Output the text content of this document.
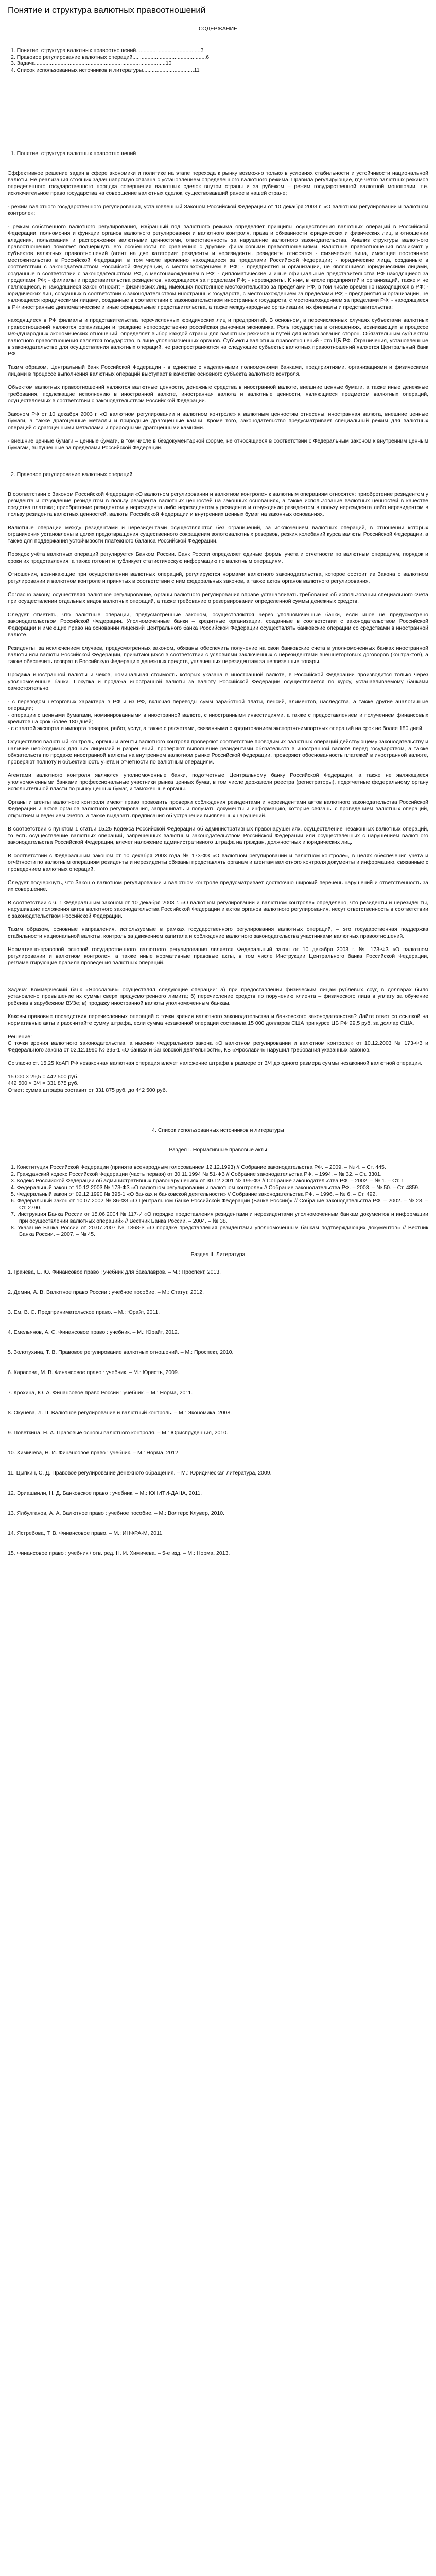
Понятие и структура валютных правоотношений
СОДЕРЖАНИЕ
1. Понятие, структура валютных правоотношений...........................................3
2. Правовое регулирование валютных операций.................................................6
3. Задача.......................................................................................10
4. Список использованных источников и литературы..................................11
1. Понятие, структура валютных правоотношений

Эффективное решение задач в сфере экономики и политике на этапе перехода к рынку возможно только в условиях стабильности и устойчивости национальной валюты. Не реализация стоящих задач напрямую связана с установлением определенного валютного режима. Правила регулирующие, где четко валютных режимов определенного государственного порядка совершения валютных сделок внутри страны и за рубежом – режим государственной валютной монополии, т.е. исключительное право государства на совершение валютных сделок, существовавший ранее в нашей стране;

- режим валютного государственного регулирования, установленный Законом Российской Федерации от 10 декабря 2003 г. «О валютном регулировании и валютном контроле»;

- режим собственного валютного регулирования, избранный под валютного режима определяет принципы осуществления валютных операций в Российской Федерации, полномочия и функции органов валютного регулирования и валютного контроля, права и обязанности юридических и физических лиц, в отношении владения, пользования и распоряжения валютными ценностями, ответственность за нарушение валютного законодательства. Анализ структуры валютного правоотношения помогает подчеркнуть его особенности по сравнению с другими финансовыми правоотношениями. Валютные правоотношения возникают у субъектов валютных правоотношений (агент на две категории: резиденты и нерезиденты. резиденты относятся - физические лица, имеющие постоянное местожительство в Российской Федерации, в том числе временно находящиеся за пределами Российской Федерации; - юридические лица, созданные в соответствии с законодательством Российской Федерации, с местонахождением в РФ; - предприятия и организации, не являющиеся юридическими лицами, созданные в соответствии с законодательством РФ, с местонахождением в РФ; - дипломатические и иные официальные представительства РФ находящиеся за пределами РФ; - филиалы и представительства резидентов, находящиеся за пределами РФ; - нерезиденты. К ним, в числе предприятий и организаций, также и не являющиеся, и находящиеся Закон относит: - физических лиц, имеющих постоянное местожительство за пределами РФ, в том числе временно находящихся в РФ; - юридических лиц, созданных в соответствии с законодательством иностранных государств, с местонахождением за пределами РФ; - предприятия и организации, не являющиеся юридическими лицами, созданные в соответствии с законодательством иностранных государств, с местонахождением за пределами РФ; - находящиеся в РФ иностранные дипломатические и иные официальные представительства, а также международные организации, их филиалы и представительства;

находящиеся в РФ филиалы и представительства перечисленных юридических лиц и предприятий. В основном, в перечисленных случаях субъектами валютных правоотношений являются организации и граждане непосредственно российская рыночная экономика. Роль государства в отношениях, возникающих в процессе международных экономических отношений, определяет выбор каждой страны для валютных режимов и путей для использования сторон. Обязательным субъектом валютного правоотношения является государство, в лице уполномоченных органов. Субъекты валютных правоотношений - это ЦБ РФ. Ограничения, установленные в законодательстве для осуществления валютных операций, не распространяются на следующие субъекты: валютных правоотношений является Центральный банк РФ.

Таким образом, Центральный банк Российской Федерации - в единстве с наделенными полномочиями банками, предприятиями, организациями и физическими лицами в процессе выполнения валютных операций выступает в качестве основного субъекта валютного контроля.

Объектом валютных правоотношений являются валютные ценности, денежные средства в иностранной валюте, внешние ценные бумаги, а также иные денежные требования, подлежащие исполнению в иностранной валюте, иностранная валюта и валютные ценности, являющиеся предметом валютных операций, осуществляемых в соответствии с законодательством Российской Федерации.

Законом РФ от 10 декабря 2003 г. «О валютном регулировании и валютном контроле» к валютным ценностям отнесены: иностранная валюта, внешние ценные бумаги, а также драгоценные металлы и природные драгоценные камни. Кроме того, законодательство предусматривает специальный режим для валютных операций с драгоценными металлами и природными драгоценными камнями.

- внешние ценные бумаги – ценные бумаги, в том числе в бездокументарной форме, не относящиеся в соответствии с Федеральным законом к внутренним ценным бумагам, выпущенные за пределами Российской Федерации.

2. Правовое регулирование валютных операций

В соответствии с Законом Российской Федерации «О валютном регулировании и валютном контроле» к валютным операциям относятся: приобретение резидентом у резидента и отчуждение резидентом в пользу резидента валютных ценностей на законных основаниях, а также использование валютных ценностей в качестве средства платежа; приобретение резидентом у нерезидента либо нерезидентом у резидента и отчуждение резидентом в пользу нерезидента либо нерезидентом в пользу резидента валютных ценностей, валюты Российской Федерации и внутренних ценных бумаг на законных основаниях.

Валютные операции между резидентами и нерезидентами осуществляются без ограничений, за исключением валютных операций, в отношении которых ограничения установлены в целях предотвращения существенного сокращения золотовалютных резервов, резких колебаний курса валюты Российской Федерации, а также для поддержания устойчивости платежного баланса Российской Федерации.

Порядок учёта валютных операций регулируется Банком России. Банк России определяет единые формы учета и отчетности по валютным операциям, порядок и сроки их представления, а также готовит и публикует статистическую информацию по валютным операциям.

Отношения, возникающие при осуществлении валютных операций, регулируются нормами валютного законодательства, которое состоит из Закона о валютном регулировании и валютном контроле и принятых в соответствии с ним федеральных законов, а также актов органов валютного регулирования.

Согласно закону, осуществляя валютное регулирование, органы валютного регулирования вправе устанавливать требования об использовании специального счета при осуществлении отдельных видов валютных операций, а также требование о резервировании определенной суммы денежных средств.

Следует отметить, что валютные операции, предусмотренные законом, осуществляются через уполномоченные банки, если иное не предусмотрено законодательством Российской Федерации. Уполномоченные банки – кредитные организации, созданные в соответствии с законодательством Российской Федерации и имеющие право на основании лицензий Центрального банка Российской Федерации осуществлять банковские операции со средствами в иностранной валюте.

Резиденты, за исключением случаев, предусмотренных законом, обязаны обеспечить получение на свои банковские счета в уполномоченных банках иностранной валюты или валюты Российской Федерации, причитающихся в соответствии с условиями заключенных с нерезидентами внешнеторговых договоров (контрактов), а также обеспечить возврат в Российскую Федерацию денежных средств, уплаченных нерезидентам за неввезенные товары.

Продажа иностранной валюты и чеков, номинальная стоимость которых указана в иностранной валюте, в Российской Федерации производится только через уполномоченные банки. Покупка и продажа иностранной валюты за валюту Российской Федерации осуществляется по курсу, устанавливаемому банками самостоятельно.

- с переводом неторговых характера в РФ и из РФ, включая переводы сумм заработной платы, пенсий, алиментов, наследства, а также другие аналогичные операции;

- операции с ценными бумагами, номинированными в иностранной валюте, с иностранными инвестициями, а также с предоставлением и получением финансовых кредитов на срок более 180 дней;

- с оплатой экспорта и импорта товаров, работ, услуг, а также с расчетами, связанными с кредитованием экспортно-импортных операций на срок не более 180 дней.

Осуществляя валютный контроль, органы и агенты валютного контроля проверяют соответствие проводимых валютных операций действующему законодательству и наличие необходимых для них лицензий и разрешений, проверяют выполнение резидентами обязательств в иностранной валюте перед государством, а также обязательств по продаже иностранной валюты на внутреннем валютном рынке Российской Федерации, проверяют обоснованность платежей в иностранной валюте, проверяют полноту и объективность учета и отчетности по валютным операциям.

Агентами валютного контроля являются уполномоченные банки, подотчетные Центральному банку Российской Федерации, а также не являющиеся уполномоченными банками профессиональные участники рынка ценных бумаг, в том числе держатели реестра (регистраторы), подотчетные федеральному органу исполнительной власти по рынку ценных бумаг, и таможенные органы.

Органы и агенты валютного контроля имеют право проводить проверки соблюдения резидентами и нерезидентами актов валютного законодательства Российской Федерации и актов органов валютного регулирования, запрашивать и получать документы и информацию, которые связаны с проведением валютных операций, открытием и ведением счетов, а также выдавать предписания об устранении выявленных нарушений.

В соответствии с пунктом 1 статьи 15.25 Кодекса Российской Федерации об административных правонарушениях, осуществление незаконных валютных операций, то есть осуществление валютных операций, запрещенных валютным законодательством Российской Федерации или осуществленных с нарушением валютного законодательства Российской Федерации, влечет наложение административного штрафа на граждан, должностных и юридических лиц.

В соответствии с Федеральным законом от 10 декабря 2003 года № 173-ФЗ «О валютном регулировании и валютном контроле», в целях обеспечения учёта и отчётности по валютным операциям резиденты и нерезиденты обязаны представлять органам и агентам валютного контроля документы и информацию, связанные с проведением валютных операций.

Следует подчеркнуть, что Закон о валютном регулировании и валютном контроле предусматривает достаточно широкий перечень нарушений и ответственность за их совершение.

В соответствии с ч. 1 Федеральным законом от 10 декабря 2003 г. «О валютном регулировании и валютном контроле» определено, что резиденты и нерезиденты, нарушившие положения актов валютного законодательства Российской Федерации и актов органов валютного регулирования, несут ответственность в соответствии с законодательством Российской Федерации.

Таким образом, основные направления, используемые в рамках государственного регулирования валютных операций, – это государственная поддержка стабильности национальной валюты, контроль за движением капитала и соблюдение валютного законодательства участниками валютных правоотношений.

Нормативно-правовой основой государственного валютного регулирования является Федеральный закон от 10 декабря 2003 г. № 173-ФЗ «О валютном регулировании и валютном контроле», а также иные нормативные правовые акты, в том числе Инструкции Центрального банка Российской Федерации, регламентирующие правила проведения валютных операций.

Задача: Коммерческий банк «Ярославич» осуществлял следующие операции: а) при предоставлении физическим лицам рублевых ссуд в долларах было установлено превышение их суммы сверх предусмотренного лимита; б) перечисление средств по поручению клиента – физического лица в уплату за обучение ребенка в зарубежном ВУЗе; в) продажу иностранной валюты уполномоченным банкам.

Каковы правовые последствия перечисленных операций с точки зрения валютного законодательства и банковского законодательства? Дайте ответ со ссылкой на нормативные акты и рассчитайте сумму штрафа, если сумма незаконной операции составила 15 000 долларов США при курсе ЦБ РФ 29,5 руб. за доллар США.

Решение:

С точки зрения валютного законодательства, а именно Федерального закона «О валютном регулировании и валютном контроле» от 10.12.2003 № 173-ФЗ и Федерального закона от 02.12.1990 № 395-1 «О банках и банковской деятельности», КБ «Ярославич» нарушил требования указанных законов.

Согласно ст. 15.25 КоАП РФ незаконная валютная операция влечет наложение штрафа в размере от 3/4 до одного размера суммы незаконной валютной операции.

15 000 × 29,5 = 442 500 руб.

442 500 × 3/4 = 331 875 руб.

Ответ: сумма штрафа составит от 331 875 руб. до 442 500 руб.

4. Список использованных источников и литературы
Раздел I. Нормативные правовые акты
1. Конституция Российской Федерации (принята всенародным голосованием 12.12.1993) // Собрание законодательства РФ. – 2009. – № 4. – Ст. 445.
2. Гражданский кодекс Российской Федерации (часть первая) от 30.11.1994 № 51-ФЗ // Собрание законодательства РФ. – 1994. – № 32. – Ст. 3301.
3. Кодекс Российской Федерации об административных правонарушениях от 30.12.2001 № 195-ФЗ // Собрание законодательства РФ. – 2002. – № 1. – Ст. 1.
4. Федеральный закон от 10.12.2003 № 173-ФЗ «О валютном регулировании и валютном контроле» // Собрание законодательства РФ. – 2003. – № 50. – Ст. 4859.
5. Федеральный закон от 02.12.1990 № 395-1 «О банках и банковской деятельности» // Собрание законодательства РФ. – 1996. – № 6. – Ст. 492.
6. Федеральный закон от 10.07.2002 № 86-ФЗ «О Центральном банке Российской Федерации (Банке России)» // Собрание законодательства РФ. – 2002. – № 28. – Ст. 2790.
7. Инструкция Банка России от 15.06.2004 № 117-И «О порядке представления резидентами и нерезидентами уполномоченным банкам документов и информации при осуществлении валютных операций» // Вестник Банка России. – 2004. – № 38.
8. Указание Банка России от 20.07.2007 № 1868-У «О порядке представления резидентами уполномоченным банкам подтверждающих документов» // Вестник Банка России. – 2007. – № 45.
Раздел II. Литература

1. Грачева, Е. Ю. Финансовое право : учебник для бакалавров. – М.: Проспект, 2013.

2. Демин, А. В. Валютное право России : учебное пособие. – М.: Статут, 2012.

3. Ем, В. С. Предпринимательское право. – М.: Юрайт, 2011.

4. Емельянов, А. С. Финансовое право : учебник. – М.: Юрайт, 2012.

5. Золотухина, Т. В. Правовое регулирование валютных отношений. – М.: Проспект, 2010.

6. Карасева, М. В. Финансовое право : учебник. – М.: Юристъ, 2009.

7. Крохина, Ю. А. Финансовое право России : учебник. – М.: Норма, 2011.

8. Окунева, Л. П. Валютное регулирование и валютный контроль. – М.: Экономика, 2008.

9. Поветкина, Н. А. Правовые основы валютного контроля. – М.: Юриспруденция, 2010.

10. Химичева, Н. И. Финансовое право : учебник. – М.: Норма, 2012.

11. Цыпкин, С. Д. Правовое регулирование денежного обращения. – М.: Юридическая литература, 2009.

12. Эриашвили, Н. Д. Банковское право : учебник. – М.: ЮНИТИ-ДАНА, 2011.

13. Ялбулганов, А. А. Валютное право : учебное пособие. – М.: Волтерс Клувер, 2010.

14. Ястребова, Т. В. Финансовое право. – М.: ИНФРА-М, 2011.

15. Финансовое право : учебник / отв. ред. Н. И. Химичева. – 5-е изд. – М.: Норма, 2013.
